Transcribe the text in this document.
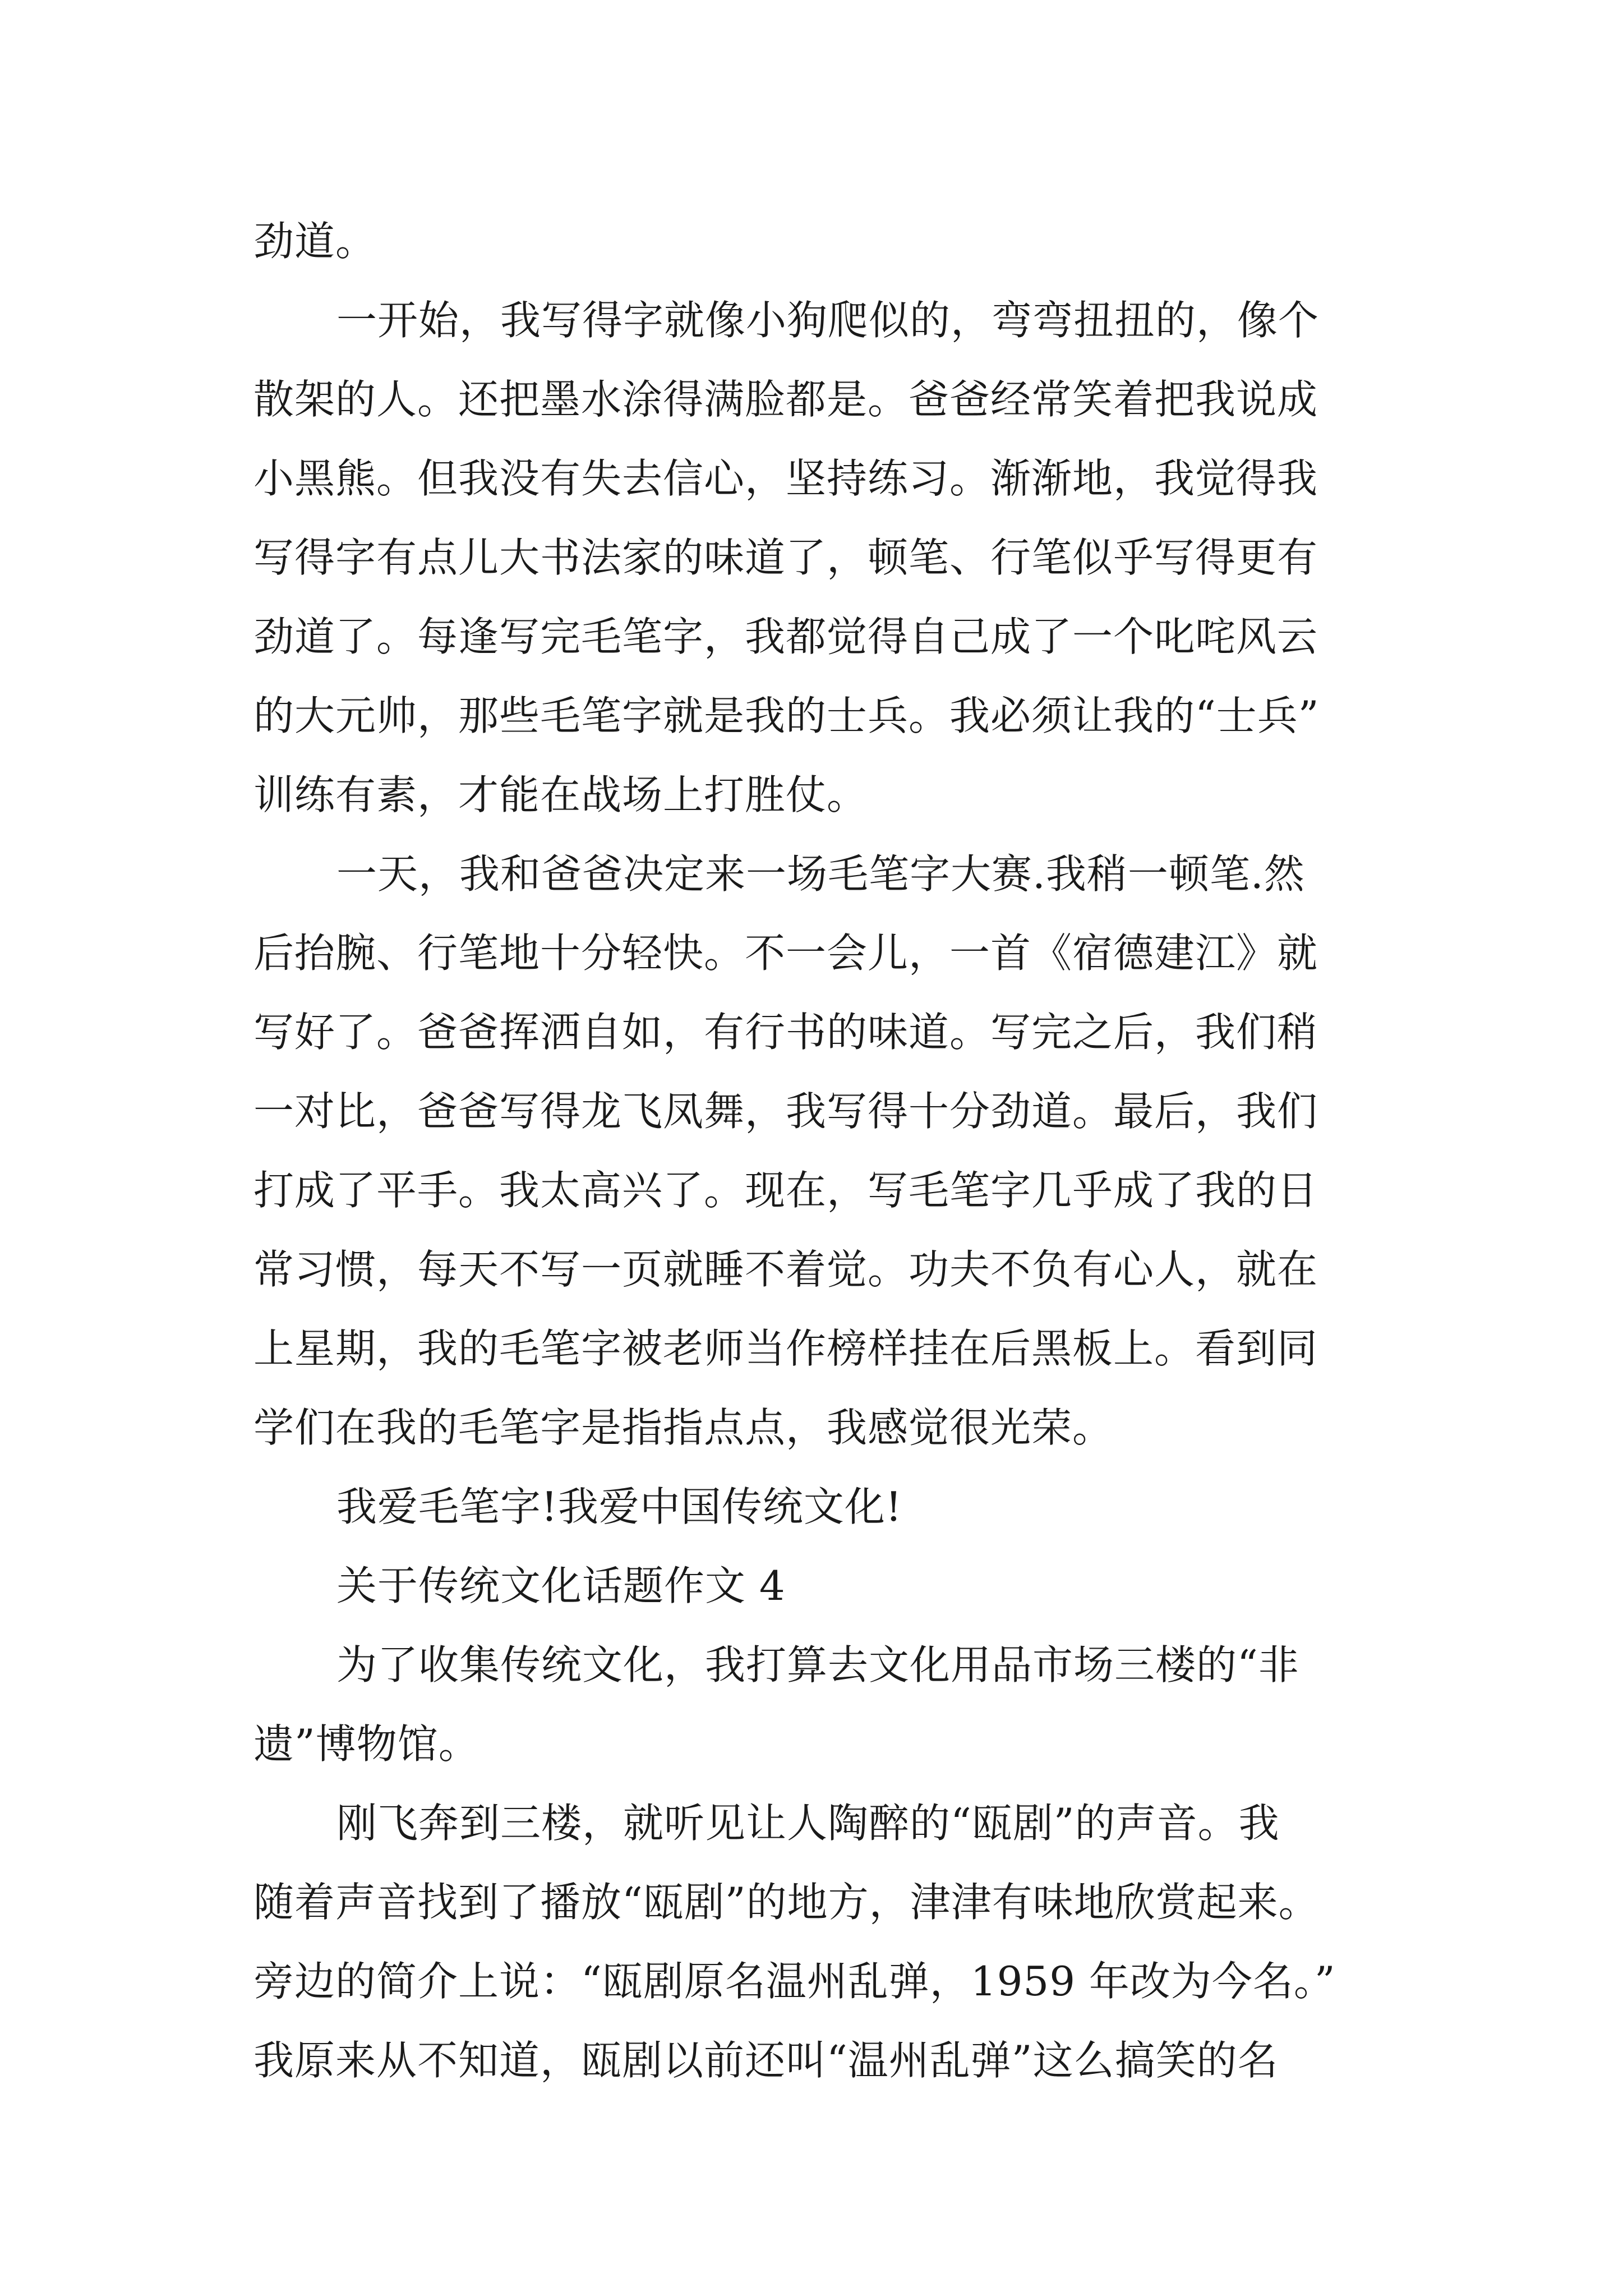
劲道。
一开始，我写得字就像小狗爬似的，弯弯扭扭的，像个
散架的人。还把墨水涂得满脸都是。爸爸经常笑着把我说成
小黑熊。但我没有失去信心，坚持练习。渐渐地，我觉得我
写得字有点儿大书法家的味道了，顿笔、行笔似乎写得更有
劲道了。每逢写完毛笔字，我都觉得自己成了一个叱咤风云
的大元帅，那些毛笔字就是我的士兵。我必须让我的“士兵”
训练有素，才能在战场上打胜仗。
一天，我和爸爸决定来一场毛笔字大赛.我稍一顿笔.然
后抬腕、行笔地十分轻快。不一会儿，一首《宿德建江》就
写好了。爸爸挥洒自如，有行书的味道。写完之后，我们稍
一对比，爸爸写得龙飞凤舞，我写得十分劲道。最后，我们
打成了平手。我太高兴了。现在，写毛笔字几乎成了我的日
常习惯，每天不写一页就睡不着觉。功夫不负有心人，就在
上星期，我的毛笔字被老师当作榜样挂在后黑板上。看到同
学们在我的毛笔字是指指点点，我感觉很光荣。
我爱毛笔字!我爱中国传统文化!
关于传统文化话题作文 4
为了收集传统文化，我打算去文化用品市场三楼的“非
遗”博物馆。
刚飞奔到三楼，就听见让人陶醉的“瓯剧”的声音。我
随着声音找到了播放“瓯剧”的地方，津津有味地欣赏起来。
旁边的简介上说：“瓯剧原名温州乱弹，1959 年改为今名。”
我原来从不知道，瓯剧以前还叫“温州乱弹”这么搞笑的名
